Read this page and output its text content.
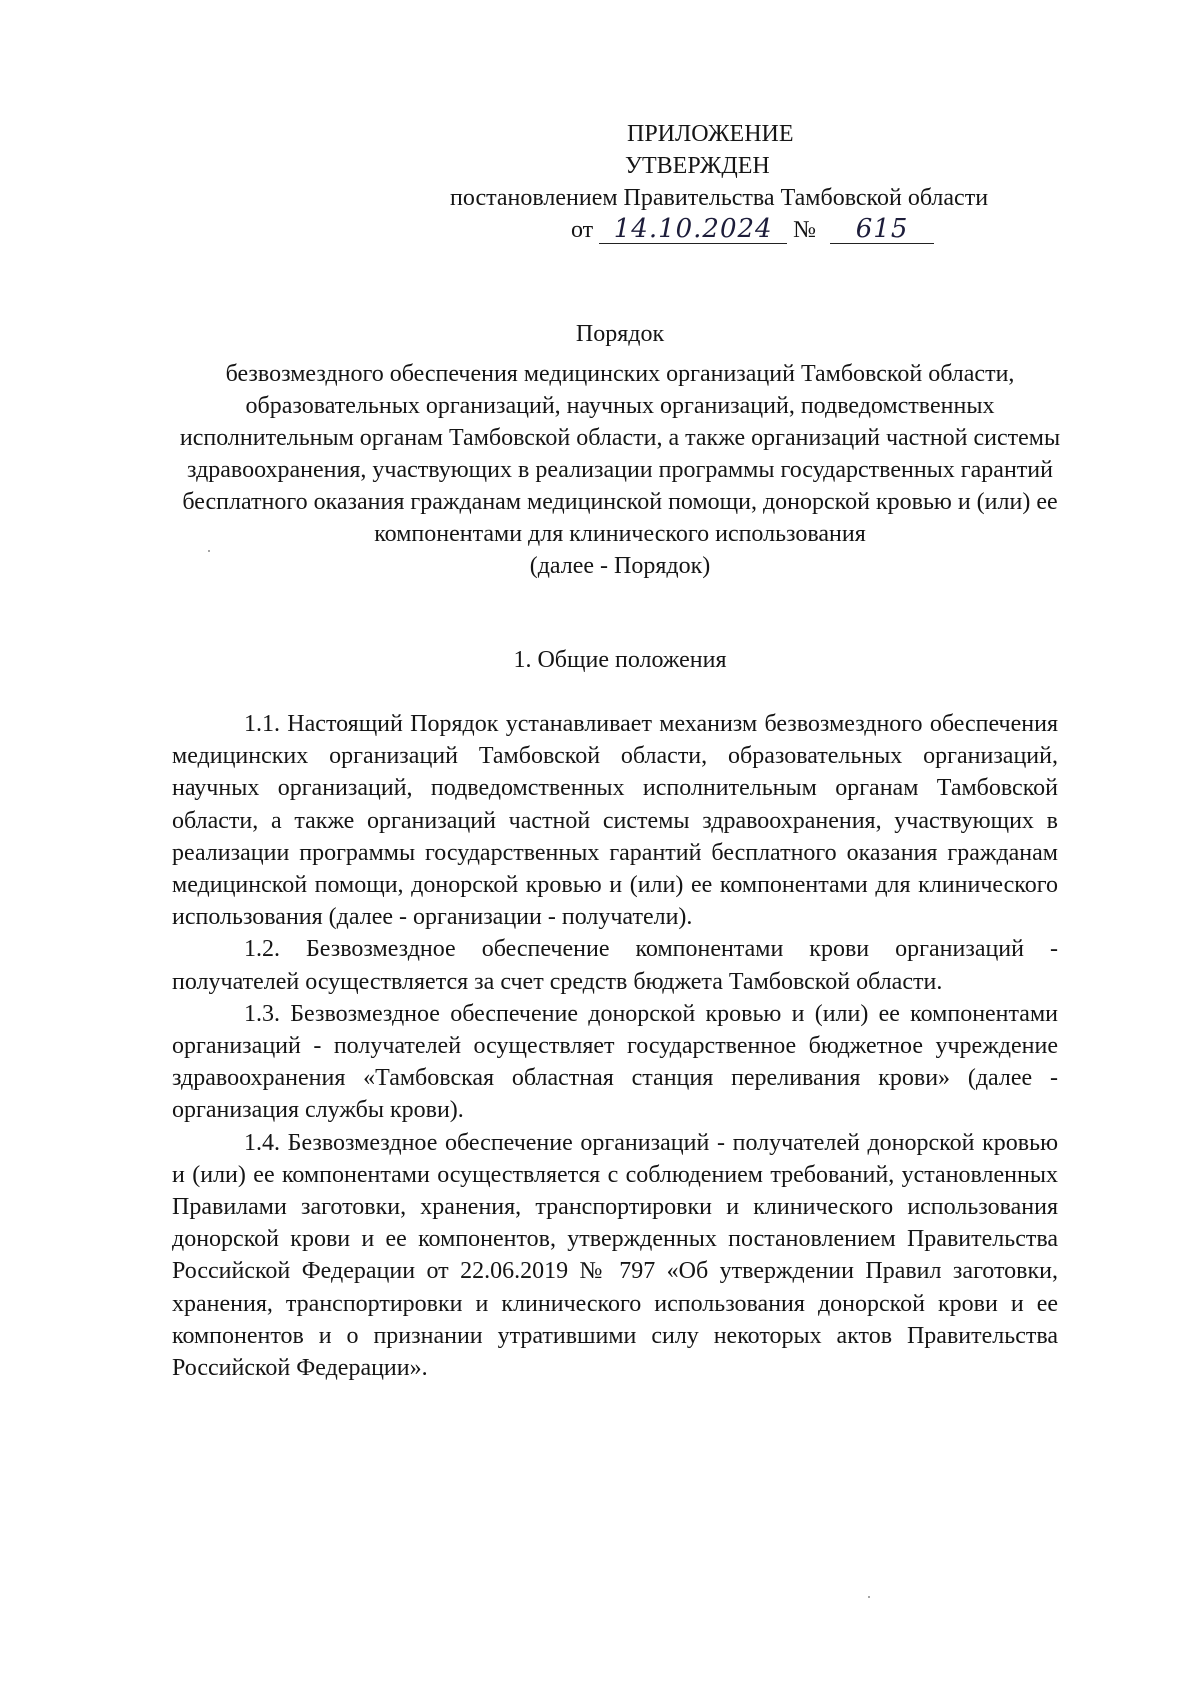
ПРИЛОЖЕНИЕ
УТВЕРЖДЕН
постановлением Правительства Тамбовской области
от 14.10.2024 №	615
Порядок
безвозмездного обеспечения медицинских организаций Тамбовской области, образовательных организаций, научных организаций, подведомственных исполнительным органам Тамбовской области, а также организаций частной системы здравоохранения, участвующих в реализации программы государственных гарантий бесплатного оказания гражданам медицинской помощи, донорской кровью и (или) ее компонентами для клинического использования
(далее - Порядок)
1. Общие положения

1.1. Настоящий Порядок устанавливает механизм безвозмездного обеспечения медицинских организаций Тамбовской области, образовательных организаций, научных организаций, подведомственных исполнительным органам Тамбовской области, а также организаций частной системы здравоохранения, участвующих в реализации программы государственных гарантий бесплатного оказания гражданам медицинской помощи, донорской кровью и (или) ее компонентами для клинического использования (далее - организации - получатели).

1.2. Безвозмездное обеспечение компонентами крови организаций - получателей осуществляется за счет средств бюджета Тамбовской области.

1.3. Безвозмездное обеспечение донорской кровью и (или) ее компонентами организаций - получателей осуществляет государственное бюджетное учреждение здравоохранения «Тамбовская областная станция переливания крови» (далее - организация службы крови).

1.4. Безвозмездное обеспечение организаций - получателей донорской кровью и (или) ее компонентами осуществляется с соблюдением требований, установленных Правилами заготовки, хранения, транспортировки и клинического использования донорской крови и ее компонентов, утвержденных постановлением Правительства Российской Федерации от 22.06.2019 № 797 «Об утверждении Правил заготовки, хранения, транспортировки и клинического использования донорской крови и ее компонентов и о признании утратившими силу некоторых актов Правительства Российской Федерации».
